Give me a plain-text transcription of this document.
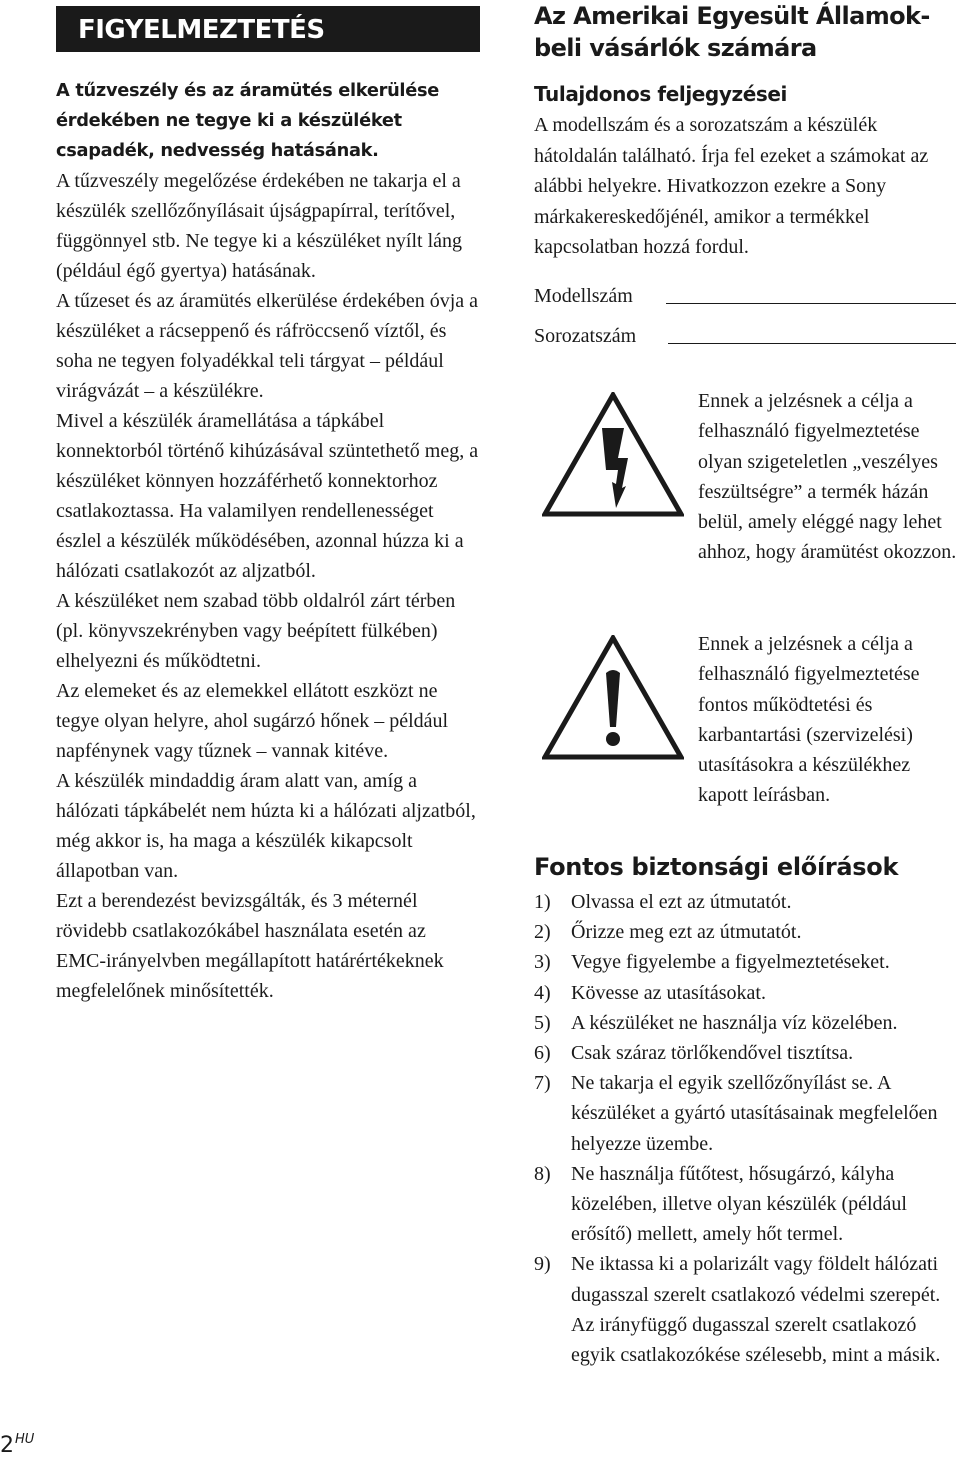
FIGYELMEZTETÉS
A tűzveszély és az áramütés elkerülése érdekében ne tegye ki a készüléket csapadék, nedvesség hatásának.

A tűzveszély megelőzése érdekében ne takarja el a készülék szellőzőnyílásait újságpapírral, terítővel, függönnyel stb. Ne tegye ki a készüléket nyílt láng (például égő gyertya) hatásának.

A tűzeset és az áramütés elkerülése érdekében óvja a készüléket a rácseppenő és ráfröccsenő víztől, és soha ne tegyen folyadékkal teli tárgyat – például virágvázát – a készülékre.

Mivel a készülék áramellátása a tápkábel konnektorból történő kihúzásával szüntethető meg, a készüléket könnyen hozzáférhető konnektorhoz csatlakoztassa. Ha valamilyen rendellenességet észlel a készülék működésében, azonnal húzza ki a hálózati csatlakozót az aljzatból.

A készüléket nem szabad több oldalról zárt térben (pl. könyvszekrényben vagy beépített fülkében) elhelyezni és működtetni.

Az elemeket és az elemekkel ellátott eszközt ne tegye olyan helyre, ahol sugárzó hőnek – például napfénynek vagy tűznek – vannak kitéve.

A készülék mindaddig áram alatt van, amíg a hálózati tápkábelét nem húzta ki a hálózati aljzatból, még akkor is, ha maga a készülék kikapcsolt állapotban van.

Ezt a berendezést bevizsgálták, és 3 méternél rövidebb csatlakozókábel használata esetén az EMC-irányelvben megállapított határértékeknek megfelelőnek minősítették.

Az Amerikai Egyesült Államok-beli vásárlók számára
Tulajdonos feljegyzései
A modellszám és a sorozatszám a készülék hátoldalán található. Írja fel ezeket a számokat az alábbi helyekre. Hivatkozzon ezekre a Sony márkakereskedőjénél, amikor a termékkel kapcsolatban hozzá fordul.
Modellszám
Sorozatszám
Ennek a jelzésnek a célja a felhasználó figyelmeztetése olyan szigeteletlen „veszélyes feszültségre” a termék házán belül, amely eléggé nagy lehet ahhoz, hogy áramütést okozzon.
Ennek a jelzésnek a célja a felhasználó figyelmeztetése fontos működtetési és karbantartási (szervizelési) utasításokra a készülékhez kapott leírásban.
Fontos biztonsági előírások
1) Olvassa el ezt az útmutatót.
2) Őrizze meg ezt az útmutatót.
3) Vegye figyelembe a figyelmeztetéseket.
4) Kövesse az utasításokat.
5) A készüléket ne használja víz közelében.
6) Csak száraz törlőkendővel tisztítsa.
7) Ne takarja el egyik szellőzőnyílást se. A készüléket a gyártó utasításainak megfelelően helyezze üzembe.
8) Ne használja fűtőtest, hősugárzó, kályha közelében, illetve olyan készülék (például erősítő) mellett, amely hőt termel.
9) Ne iktassa ki a polarizált vagy földelt hálózati dugasszal szerelt csatlakozó védelmi szerepét. Az irányfüggő dugasszal szerelt csatlakozó egyik csatlakozókése szélesebb, mint a másik.
$2^{HU}$
